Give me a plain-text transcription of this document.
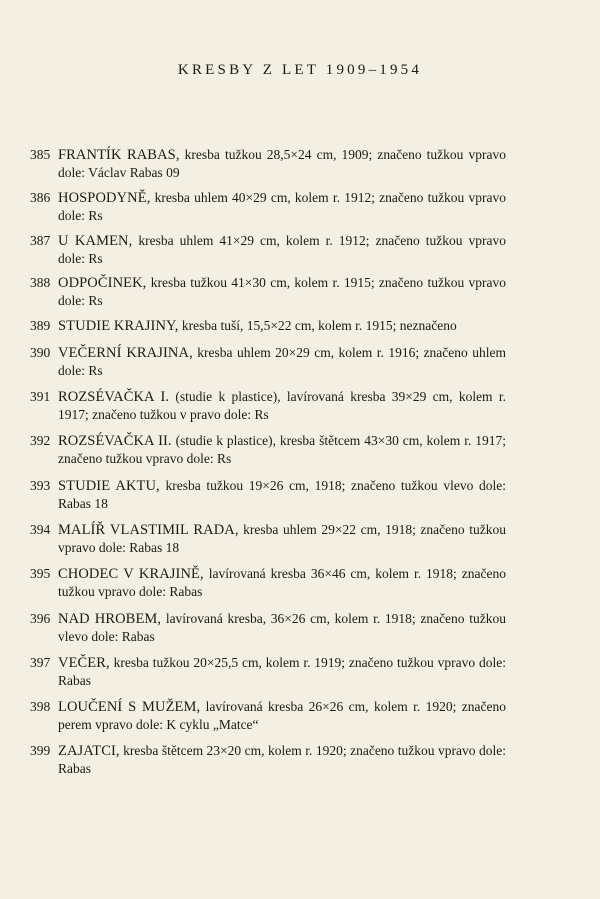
KRESBY Z LET 1909–1954
385 FRANTÍK RABAS, kresba tužkou 28,5×24 cm, 1909; značeno tužkou vpravo dole: Václav Rabas 09
386 HOSPODYNĚ, kresba uhlem 40×29 cm, kolem r. 1912; značeno tužkou vpravo dole: Rs
387 U KAMEN, kresba uhlem 41×29 cm, kolem r. 1912; značeno tužkou vpravo dole: Rs
388 ODPOČINEK, kresba tužkou 41×30 cm, kolem r. 1915; značeno tužkou vpravo dole: Rs
389 STUDIE KRAJINY, kresba tuší, 15,5×22 cm, kolem r. 1915; neznačeno
390 VEČERNÍ KRAJINA, kresba uhlem 20×29 cm, kolem r. 1916; značeno uhlem dole: Rs
391 ROZSÉVAČKA I. (studie k plastice), lavírovaná kresba 39×29 cm, kolem r. 1917; značeno tužkou v pravo dole: Rs
392 ROZSÉVAČKA II. (studie k plastice), kresba štětcem 43×30 cm, kolem r. 1917; značeno tužkou vpravo dole: Rs
393 STUDIE AKTU, kresba tužkou 19×26 cm, 1918; značeno tužkou vlevo dole: Rabas 18
394 MALÍŘ VLASTIMIL RADA, kresba uhlem 29×22 cm, 1918; značeno tužkou vpravo dole: Rabas 18
395 CHODEC V KRAJINĚ, lavírovaná kresba 36×46 cm, kolem r. 1918; značeno tužkou vpravo dole: Rabas
396 NAD HROBEM, lavírovaná kresba, 36×26 cm, kolem r. 1918; značeno tužkou vlevo dole: Rabas
397 VEČER, kresba tužkou 20×25,5 cm, kolem r. 1919; značeno tužkou vpravo dole: Rabas
398 LOUČENÍ S MUŽEM, lavírovaná kresba 26×26 cm, kolem r. 1920; značeno perem vpravo dole: K cyklu „Matce“
399 ZAJATCI, kresba štětcem 23×20 cm, kolem r. 1920; značeno tužkou vpravo dole: Rabas
